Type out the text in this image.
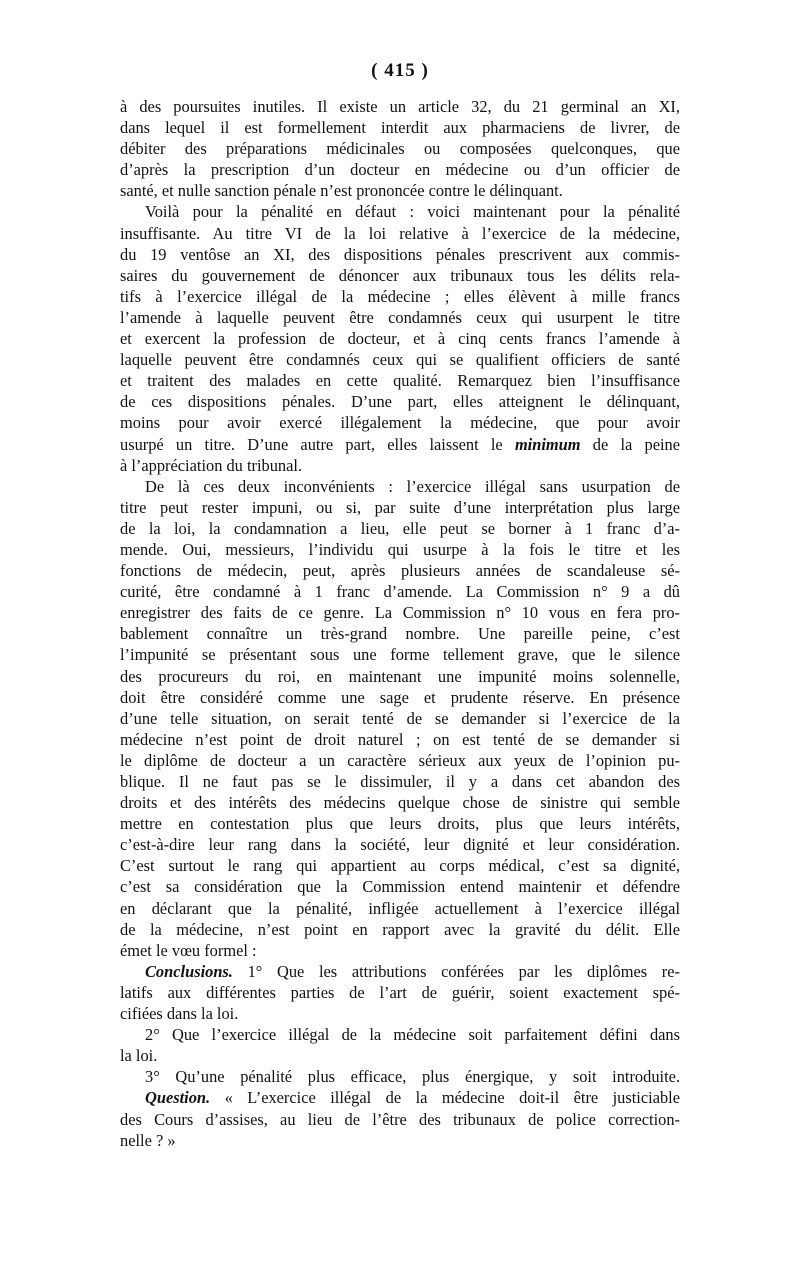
( 415 )
à des poursuites inutiles. Il existe un article 32, du 21 germinal an XI,
dans lequel il est formellement interdit aux pharmaciens de livrer, de
débiter des préparations médicinales ou composées quelconques, que
d’après la prescription d’un docteur en médecine ou d’un officier de
santé, et nulle sanction pénale n’est prononcée contre le délinquant.
Voilà pour la pénalité en défaut : voici maintenant pour la pénalité
insuffisante. Au titre VI de la loi relative à l’exercice de la médecine,
du 19 ventôse an XI, des dispositions pénales prescrivent aux commis-
saires du gouvernement de dénoncer aux tribunaux tous les délits rela-
tifs à l’exercice illégal de la médecine ; elles élèvent à mille francs
l’amende à laquelle peuvent être condamnés ceux qui usurpent le titre
et exercent la profession de docteur, et à cinq cents francs l’amende à
laquelle peuvent être condamnés ceux qui se qualifient officiers de santé
et traitent des malades en cette qualité. Remarquez bien l’insuffisance
de ces dispositions pénales. D’une part, elles atteignent le délinquant,
moins pour avoir exercé illégalement la médecine, que pour avoir
usurpé un titre. D’une autre part, elles laissent le minimum de la peine
à l’appréciation du tribunal.
De là ces deux inconvénients : l’exercice illégal sans usurpation de
titre peut rester impuni, ou si, par suite d’une interprétation plus large
de la loi, la condamnation a lieu, elle peut se borner à 1 franc d’a-
mende. Oui, messieurs, l’individu qui usurpe à la fois le titre et les
fonctions de médecin, peut, après plusieurs années de scandaleuse sé-
curité, être condamné à 1 franc d’amende. La Commission n° 9 a dû
enregistrer des faits de ce genre. La Commission n° 10 vous en fera pro-
bablement connaître un très-grand nombre. Une pareille peine, c’est
l’impunité se présentant sous une forme tellement grave, que le silence
des procureurs du roi, en maintenant une impunité moins solennelle,
doit être considéré comme une sage et prudente réserve. En présence
d’une telle situation, on serait tenté de se demander si l’exercice de la
médecine n’est point de droit naturel ; on est tenté de se demander si
le diplôme de docteur a un caractère sérieux aux yeux de l’opinion pu-
blique. Il ne faut pas se le dissimuler, il y a dans cet abandon des
droits et des intérêts des médecins quelque chose de sinistre qui semble
mettre en contestation plus que leurs droits, plus que leurs intérêts,
c’est-à-dire leur rang dans la société, leur dignité et leur considération.
C’est surtout le rang qui appartient au corps médical, c’est sa dignité,
c’est sa considération que la Commission entend maintenir et défendre
en déclarant que la pénalité, infligée actuellement à l’exercice illégal
de la médecine, n’est point en rapport avec la gravité du délit. Elle
émet le vœu formel :
Conclusions. 1° Que les attributions conférées par les diplômes re-
latifs aux différentes parties de l’art de guérir, soient exactement spé-
cifiées dans la loi.
2° Que l’exercice illégal de la médecine soit parfaitement défini dans
la loi.
3° Qu’une pénalité plus efficace, plus énergique, y soit introduite.
Question. « L’exercice illégal de la médecine doit-il être justiciable
des Cours d’assises, au lieu de l’être des tribunaux de police correction-
nelle ? »
